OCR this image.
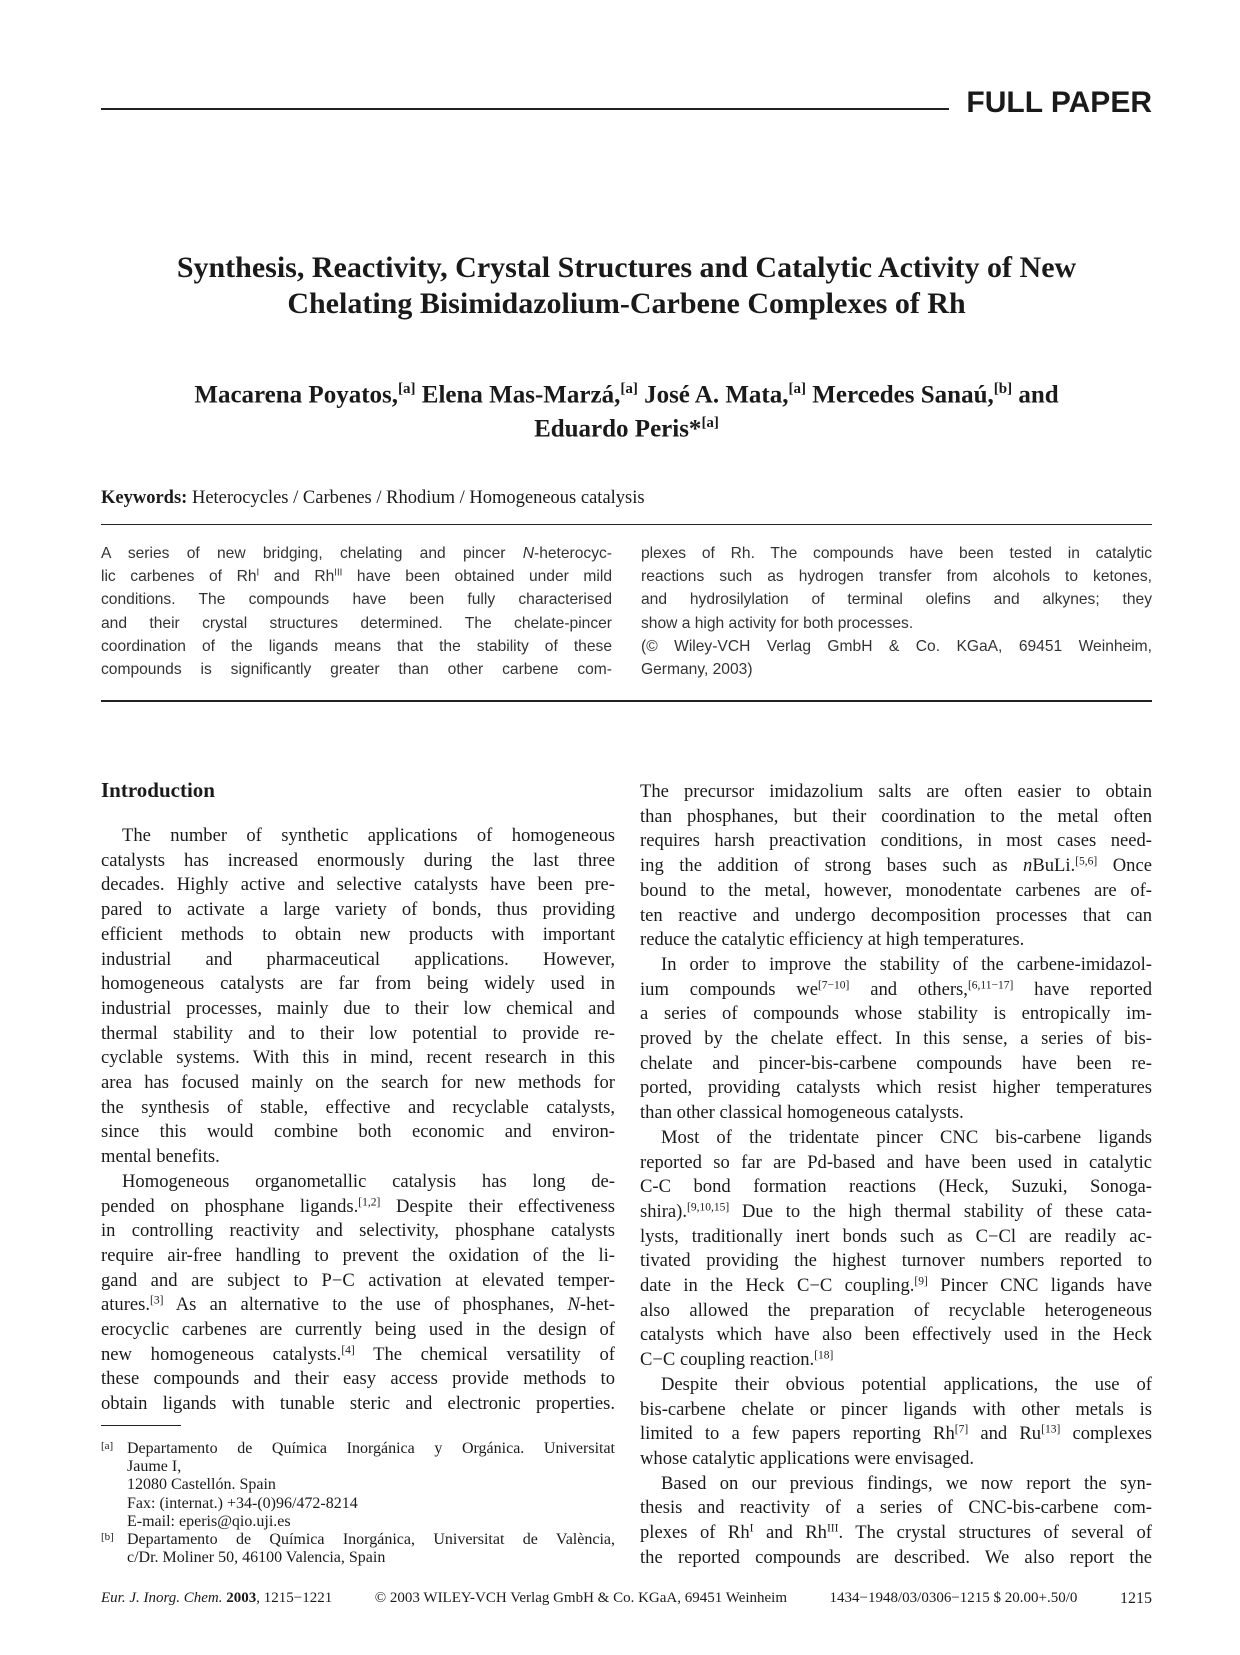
FULL PAPER
Synthesis, Reactivity, Crystal Structures and Catalytic Activity of New
Chelating Bisimidazolium-Carbene Complexes of Rh
Macarena Poyatos,[a] Elena Mas-Marzá,[a] José A. Mata,[a] Mercedes Sanaú,[b] and
Eduardo Peris*[a]
Keywords: Heterocycles / Carbenes / Rhodium / Homogeneous catalysis
A series of new bridging, chelating and pincer N-heterocyc-
lic carbenes of $Rh^I$ and $Rh^{III}$ have been obtained under mild
conditions. The compounds have been fully characterised
and their crystal structures determined. The chelate-pincer
coordination of the ligands means that the stability of these
compounds is significantly greater than other carbene com-
plexes of Rh. The compounds have been tested in catalytic
reactions such as hydrogen transfer from alcohols to ketones,
and hydrosilylation of terminal olefins and alkynes; they
show a high activity for both processes.
(© Wiley-VCH Verlag GmbH & Co. KGaA, 69451 Weinheim,
Germany, 2003)
Introduction
The number of synthetic applications of homogeneous
catalysts has increased enormously during the last three
decades. Highly active and selective catalysts have been pre-
pared to activate a large variety of bonds, thus providing
efficient methods to obtain new products with important
industrial and pharmaceutical applications. However,
homogeneous catalysts are far from being widely used in
industrial processes, mainly due to their low chemical and
thermal stability and to their low potential to provide re-
cyclable systems. With this in mind, recent research in this
area has focused mainly on the search for new methods for
the synthesis of stable, effective and recyclable catalysts,
since this would combine both economic and environ-
mental benefits.
Homogeneous organometallic catalysis has long de-
pended on phosphane ligands.[1,2] Despite their effectiveness
in controlling reactivity and selectivity, phosphane catalysts
require air-free handling to prevent the oxidation of the li-
gand and are subject to P−C activation at elevated temper-
atures.[3] As an alternative to the use of phosphanes, N-het-
erocyclic carbenes are currently being used in the design of
new homogeneous catalysts.[4] The chemical versatility of
these compounds and their easy access provide methods to
obtain ligands with tunable steric and electronic properties.
The precursor imidazolium salts are often easier to obtain
than phosphanes, but their coordination to the metal often
requires harsh preactivation conditions, in most cases need-
ing the addition of strong bases such as nBuLi.[5,6] Once
bound to the metal, however, monodentate carbenes are of-
ten reactive and undergo decomposition processes that can
reduce the catalytic efficiency at high temperatures.
In order to improve the stability of the carbene-imidazol-
ium compounds we[7−10] and others,[6,11−17] have reported
a series of compounds whose stability is entropically im-
proved by the chelate effect. In this sense, a series of bis-
chelate and pincer-bis-carbene compounds have been re-
ported, providing catalysts which resist higher temperatures
than other classical homogeneous catalysts.
Most of the tridentate pincer CNC bis-carbene ligands
reported so far are Pd-based and have been used in catalytic
C-C bond formation reactions (Heck, Suzuki, Sonoga-
shira).[9,10,15] Due to the high thermal stability of these cata-
lysts, traditionally inert bonds such as C−Cl are readily ac-
tivated providing the highest turnover numbers reported to
date in the Heck C−C coupling.[9] Pincer CNC ligands have
also allowed the preparation of recyclable heterogeneous
catalysts which have also been effectively used in the Heck
C−C coupling reaction.[18]
Despite their obvious potential applications, the use of
bis-carbene chelate or pincer ligands with other metals is
limited to a few papers reporting Rh[7] and Ru[13] complexes
whose catalytic applications were envisaged.
Based on our previous findings, we now report the syn-
thesis and reactivity of a series of CNC-bis-carbene com-
plexes of $Rh^I$ and $Rh^{III}$. The crystal structures of several of
the reported compounds are described. We also report the
[a] Departamento de Química Inorgánica y Orgánica. Universitat
Jaume I,
12080 Castellón. Spain
Fax: (internat.) +34-(0)96/472-8214
E-mail: eperis@qio.uji.es
[b] Departamento de Química Inorgánica, Universitat de València,
c/Dr. Moliner 50, 46100 Valencia, Spain
Eur. J. Inorg. Chem. 2003, 1215−1221	© 2003 WILEY-VCH Verlag GmbH & Co. KGaA, 69451 Weinheim	1434−1948/03/0306−1215 $ 20.00+.50/0	1215
